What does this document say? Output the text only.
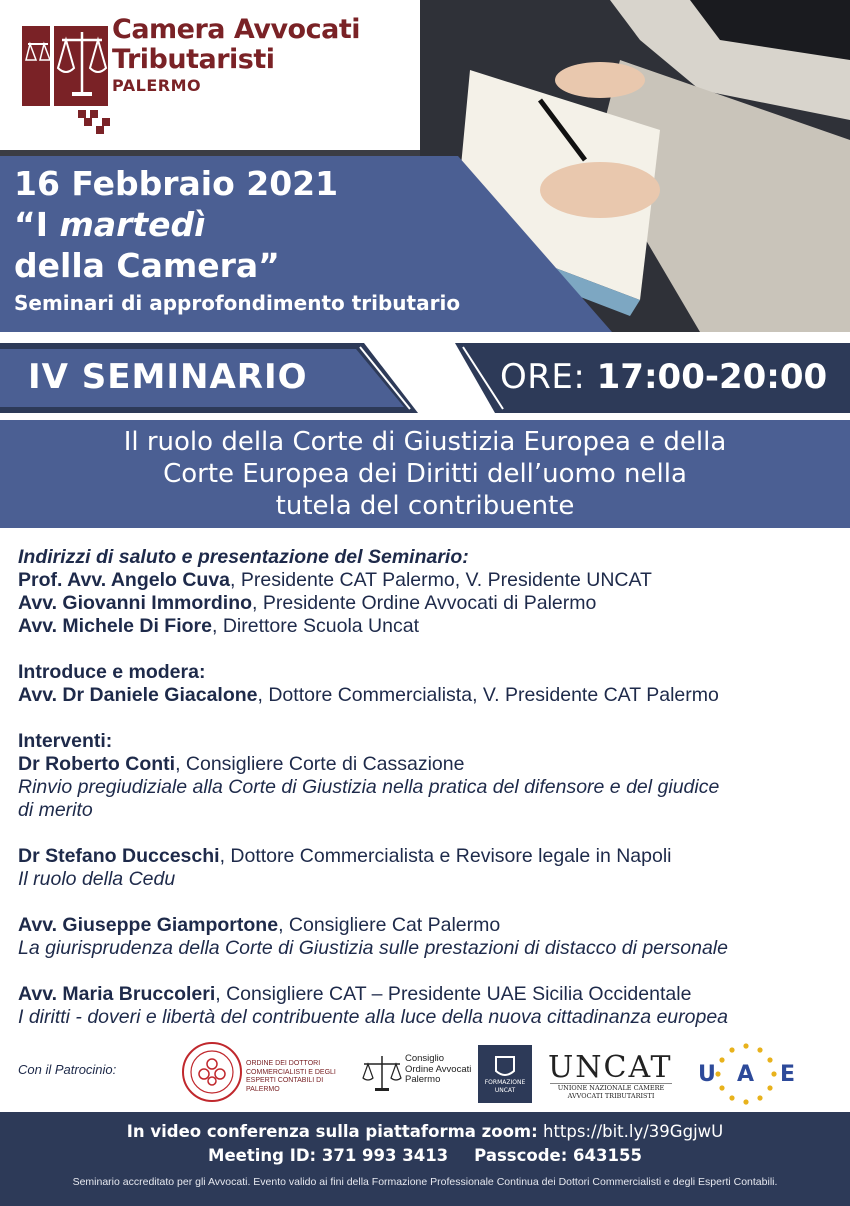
Camera Avvocati
Tributaristi
PALERMO
16 Febbraio 2021
“I martedì
della Camera”
Seminari di approfondimento tributario
IV SEMINARIO	ORE: 17:00-20:00
Il ruolo della Corte di Giustizia Europea e della
Corte Europea dei Diritti dell’uomo nella
tutela del contribuente
Indirizzi di saluto e presentazione del Seminario:
Prof. Avv. Angelo Cuva, Presidente CAT Palermo, V. Presidente UNCAT
Avv. Giovanni Immordino, Presidente Ordine Avvocati di Palermo
Avv. Michele Di Fiore, Direttore Scuola Uncat
Introduce e modera:
Avv. Dr Daniele Giacalone, Dottore Commercialista, V. Presidente CAT Palermo
Interventi:
Dr Roberto Conti, Consigliere Corte di Cassazione
Rinvio pregiudiziale alla Corte di Giustizia nella pratica del difensore e del giudice
di merito
Dr Stefano Ducceschi, Dottore Commercialista e Revisore legale in Napoli
Il ruolo della Cedu
Avv. Giuseppe Giamportone, Consigliere Cat Palermo
La giurisprudenza della Corte di Giustizia sulle prestazioni di distacco di personale
Avv. Maria Bruccoleri, Consigliere CAT – Presidente UAE Sicilia Occidentale
I diritti - doveri e libertà del contribuente alla luce della nuova cittadinanza europea
Con il Patrocinio:	ORDINE DEI DOTTORI COMMERCIALISTI E DEGLI ESPERTI CONTABILI DI PALERMO
Consiglio Ordine Avvocati Palermo	FORMAZIONE UNCAT
UNCAT
UNIONE NAZIONALE CAMERE AVVOCATI TRIBUTARISTI
U A E
In video conferenza sulla piattaforma zoom: https://bit.ly/39GgjwU
Meeting ID: 371 993 3413 Passcode: 643155
Seminario accreditato per gli Avvocati. Evento valido ai fini della Formazione Professionale Continua dei Dottori Commercialisti e degli Esperti Contabili.
